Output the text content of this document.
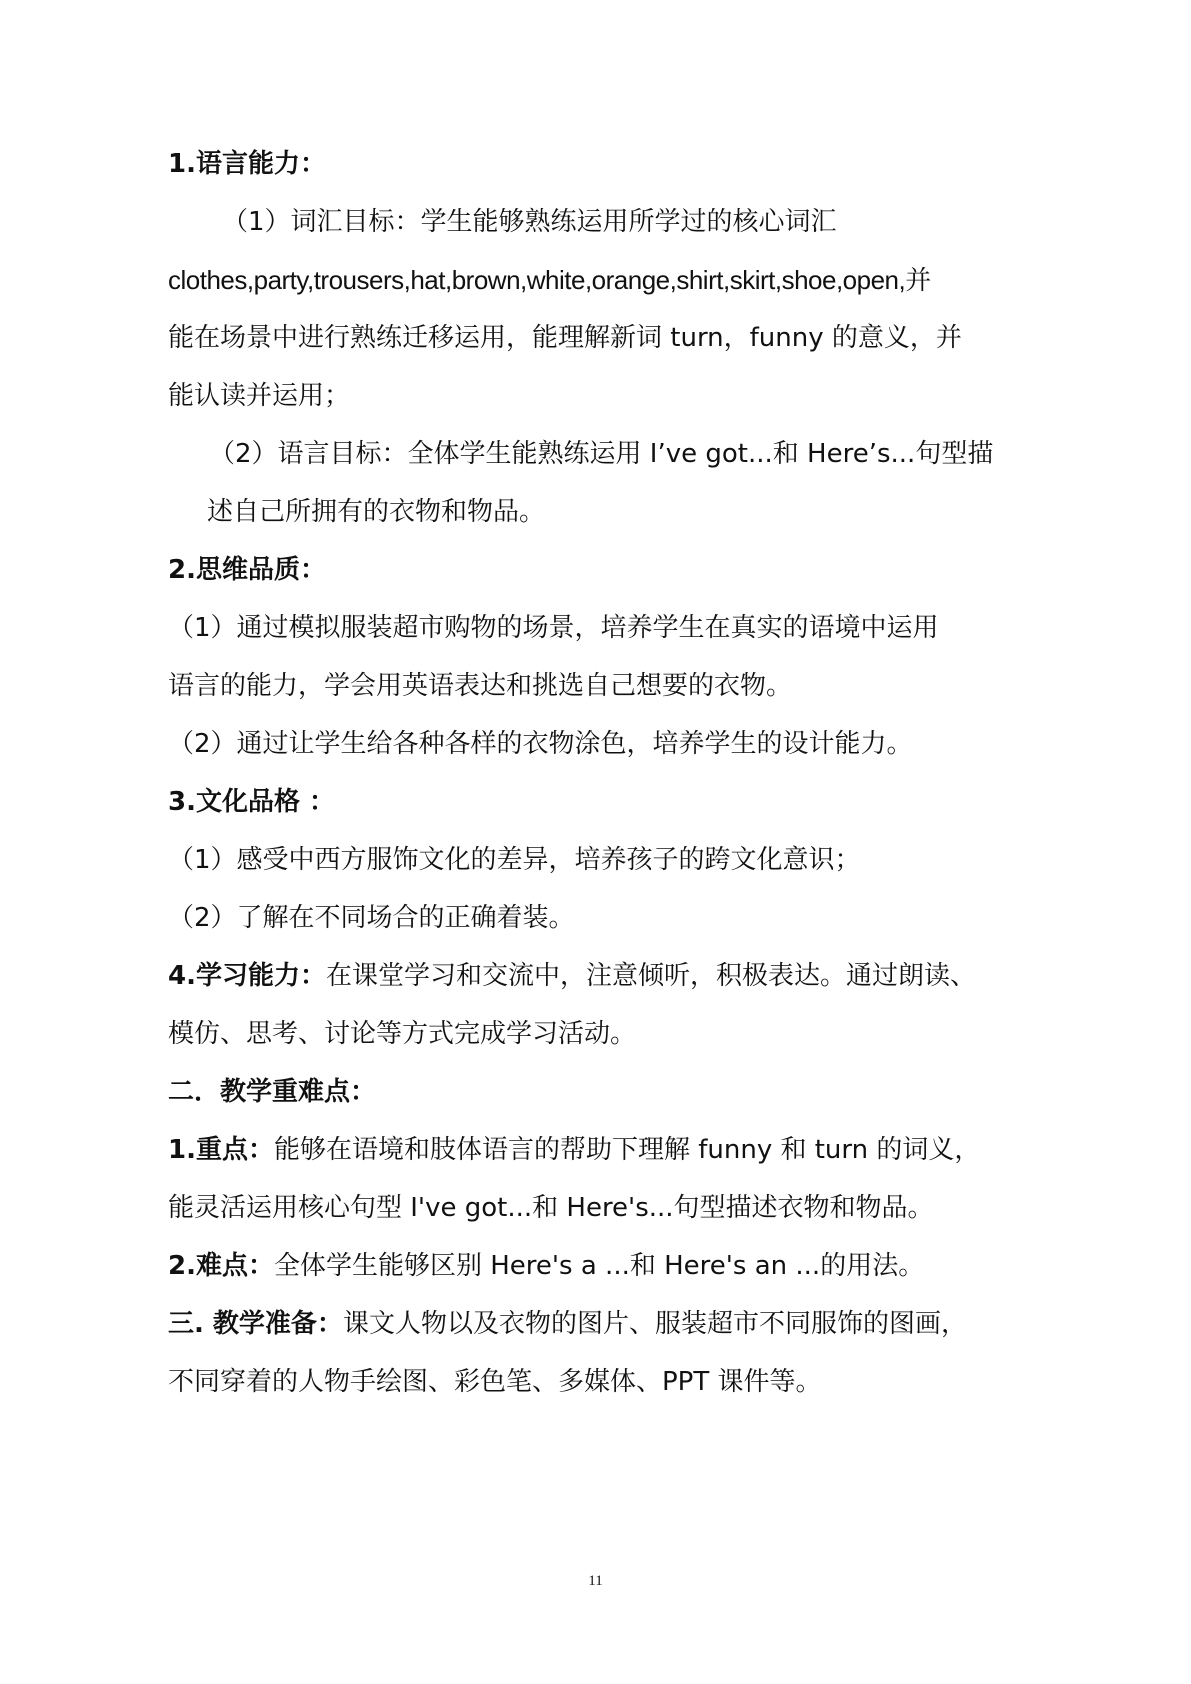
1.语言能力：
（1）词汇目标：学生能够熟练运用所学过的核心词汇
clothes,party,trousers,hat,brown,white,orange,shirt,skirt,shoe,open,并
能在场景中进行熟练迁移运用，能理解新词 turn，funny 的意义，并
能认读并运用；
（2）语言目标：全体学生能熟练运用 I’ve got...和 Here’s...句型描
述自己所拥有的衣物和物品。
2.思维品质：
（1）通过模拟服装超市购物的场景，培养学生在真实的语境中运用
语言的能力，学会用英语表达和挑选自己想要的衣物。
（2）通过让学生给各种各样的衣物涂色，培养学生的设计能力。
3.文化品格 ：
（1）感受中西方服饰文化的差异，培养孩子的跨文化意识；
（2）了解在不同场合的正确着装。
4.学习能力：在课堂学习和交流中，注意倾听，积极表达。通过朗读、
模仿、思考、讨论等方式完成学习活动。
二．教学重难点：
1.重点：能够在语境和肢体语言的帮助下理解 funny 和 turn 的词义，
能灵活运用核心句型 I've got...和 Here's...句型描述衣物和物品。
2.难点：全体学生能够区别 Here's a ...和 Here's an ...的用法。
三. 教学准备：课文人物以及衣物的图片、服装超市不同服饰的图画，
不同穿着的人物手绘图、彩色笔、多媒体、PPT 课件等。
11
